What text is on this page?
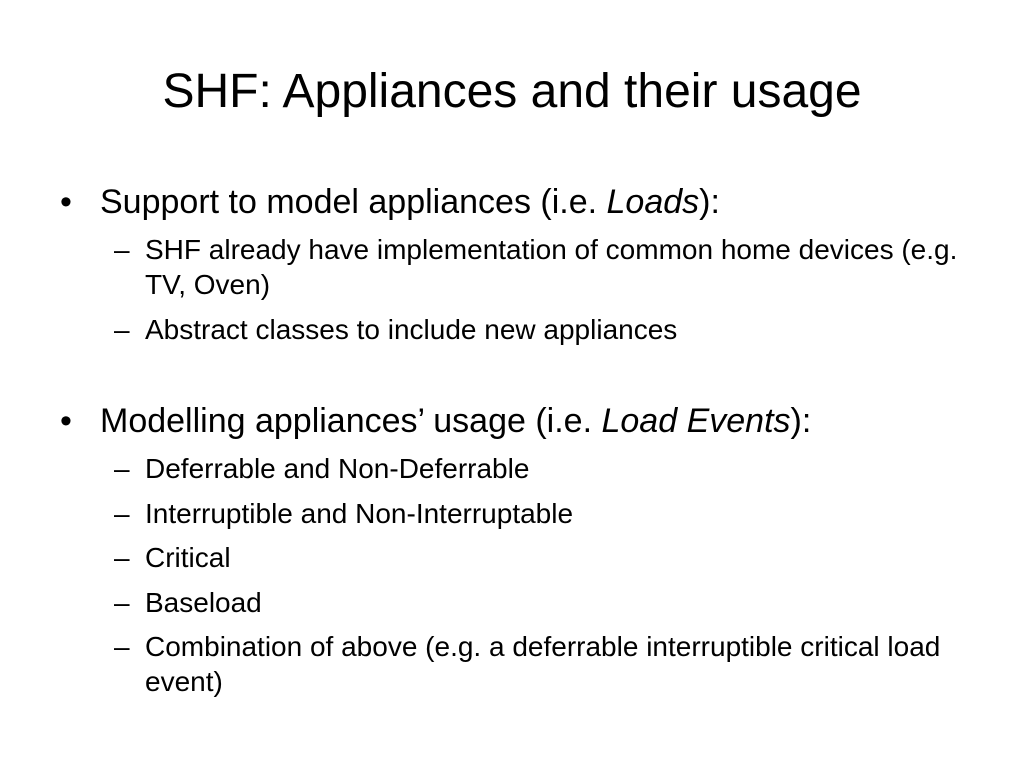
SHF: Appliances and their usage
• Support to model appliances (i.e. Loads):
– SHF already have implementation of common home devices (e.g. TV, Oven)
– Abstract classes to include new appliances
• Modelling appliances’ usage (i.e. Load Events):
– Deferrable and Non-Deferrable
– Interruptible and Non-Interruptable
– Critical
– Baseload
– Combination of above (e.g. a deferrable interruptible critical load event)
